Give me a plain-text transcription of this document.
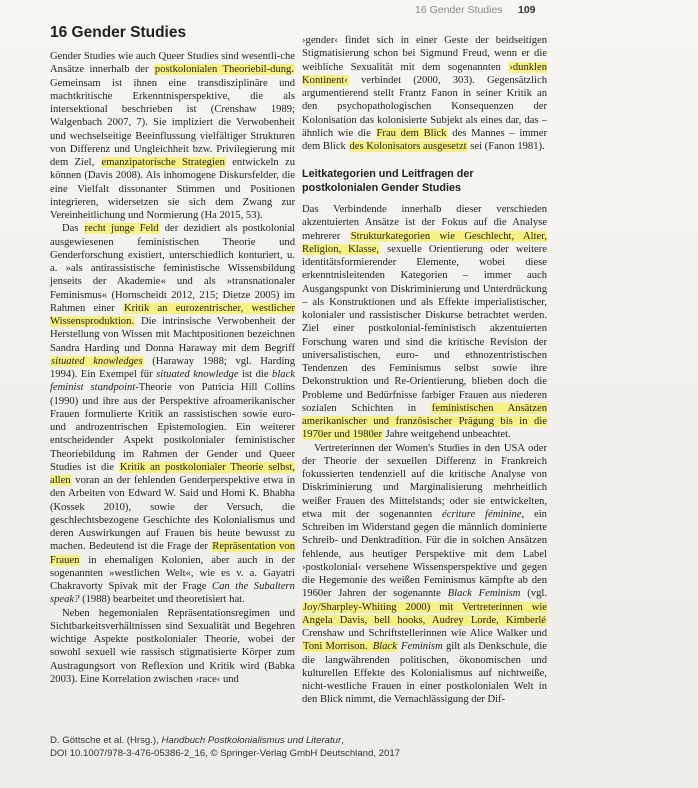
16 Gender Studies	109
16 Gender Studies

Gender Studies wie auch Queer Studies sind wesentli-che Ansätze innerhalb der postkolonialen Theoriebil-dung. Gemeinsam ist ihnen eine transdisziplinäre und machtkritische Erkenntnisperspektive, die als intersektional beschrieben ist (Crenshaw 1989; Walgenbach 2007, 7). Sie impliziert die Verwobenheit und wechselseitige Beeinflussung vielfältiger Strukturen von Differenz und Ungleichheit bzw. Privilegierung mit dem Ziel, emanzipatorische Strategien entwickeln zu können (Davis 2008). Als inhomogene Diskursfelder, die eine Vielfalt dissonanter Stimmen und Positionen integrieren, widersetzen sie sich dem Zwang zur Vereinheitlichung und Normierung (Ha 2015, 53).

Das recht junge Feld der dezidiert als postkolonial ausgewiesenen feministischen Theorie und Genderforschung existiert, unterschiedlich konturiert, u. a. »als antirassistische feministische Wissensbildung jenseits der Akademie« und als »transnationaler Feminismus« (Hornscheidt 2012, 215; Dietze 2005) im Rahmen einer Kritik an eurozentrischer, westlicher Wissensproduktion. Die intrinsische Verwobenheit der Herstellung von Wissen mit Machtpositionen bezeichnen Sandra Harding und Donna Haraway mit dem Begriff situated knowledges (Haraway 1988; vgl. Harding 1994). Ein Exempel für situated knowledge ist die black feminist standpoint-Theorie von Patricia Hill Collins (1990) und ihre aus der Perspektive afroamerikanischer Frauen formulierte Kritik an rassistischen sowie euro- und androzentrischen Epistemologien. Ein weiterer entscheidender Aspekt postkolonialer feministischer Theoriebildung im Rahmen der Gender und Queer Studies ist die Kritik an postkolonialer Theorie selbst, allen voran an der fehlenden Genderperspektive etwa in den Arbeiten von Edward W. Said und Homi K. Bhabha (Kossek 2010), sowie der Versuch, die geschlechtsbezogene Geschichte des Kolonialismus und deren Auswirkungen auf Frauen bis heute bewusst zu machen. Bedeutend ist die Frage der Repräsentation von Frauen in ehemaligen Kolonien, aber auch in der sogenannten »westlichen Welt«, wie es v. a. Gayatri Chakravorty Spivak mit der Frage Can the Subaltern speak? (1988) bearbeitet und theoretisiert hat.

Neben hegemonialen Repräsentationsregimen und Sichtbarkeitsverhältnissen sind Sexualität und Begehren wichtige Aspekte postkolonialer Theorie, wobei der sowohl sexuell wie rassisch stigmatisierte Körper zum Austragungsort von Reflexion und Kritik wird (Babka 2003). Eine Korrelation zwischen ›race‹ und

›gender‹ findet sich in einer Geste der beidseitigen Stigmatisierung schon bei Sigmund Freud, wenn er die weibliche Sexualität mit dem sogenannten ›dunklen Kontinent‹ verbindet (2000, 303). Gegensätzlich argumentierend stellt Frantz Fanon in seiner Kritik an den psychopathologischen Konsequenzen der Kolonisation das kolonisierte Subjekt als eines dar, das – ähnlich wie die Frau dem Blick des Mannes – immer dem Blick des Kolonisators ausgesetzt sei (Fanon 1981).

Leitkategorien und Leitfragen der postkolonialen Gender Studies

Das Verbindende innerhalb dieser verschieden akzentuierten Ansätze ist der Fokus auf die Analyse mehrerer Strukturkategorien wie Geschlecht, Alter, Religion, Klasse, sexuelle Orientierung oder weitere identitätsformierender Elemente, wobei diese erkenntnisleitenden Kategorien – immer auch Ausgangspunkt von Diskriminierung und Unterdrückung – als Konstruktionen und als Effekte imperialistischer, kolonialer und rassistischer Diskurse betrachtet werden. Ziel einer postkolonial-feministisch akzentuierten Forschung waren und sind die kritische Revision der universalistischen, euro- und ethnozentristischen Tendenzen des Feminismus selbst sowie ihre Dekonstruktion und Re-Orientierung, blieben doch die Probleme und Bedürfnisse farbiger Frauen aus niederen sozialen Schichten in feministischen Ansätzen amerikanischer und französischer Prägung bis in die 1970er und 1980er Jahre weitgehend unbeachtet.

Vertreterinnen der Women's Studies in den USA oder der Theorie der sexuellen Differenz in Frankreich fokussierten tendenziell auf die kritische Analyse von Diskriminierung und Marginalisierung mehrheitlich weißer Frauen des Mittelstands; oder sie entwickelten, etwa mit der sogenannten écriture féminine, ein Schreiben im Widerstand gegen die männlich dominierte Schreib- und Denktradition. Für die in solchen Ansätzen fehlende, aus heutiger Perspektive mit dem Label ›postkolonial‹ versehene Wissensperspektive und gegen die Hegemonie des weißen Feminismus kämpfte ab den 1960er Jahren der sogenannte Black Feminism (vgl. Joy/Sharpley-Whiting 2000) mit Vertreterinnen wie Angela Davis, bell hooks, Audrey Lorde, Kimberlé Crenshaw und Schriftstellerinnen wie Alice Walker und Toni Morrison. Black Feminism gilt als Denkschule, die die langwährenden politischen, ökonomischen und kulturellen Effekte des Kolonialismus auf nichtweiße, nicht-westliche Frauen in einer postkolonialen Welt in den Blick nimmt, die Vernachlässigung der Dif-

D. Göttsche et al. (Hrsg.), Handbuch Postkolonialismus und Literatur,

DOI 10.1007/978-3-476-05386-2_16, © Springer-Verlag GmbH Deutschland, 2017
